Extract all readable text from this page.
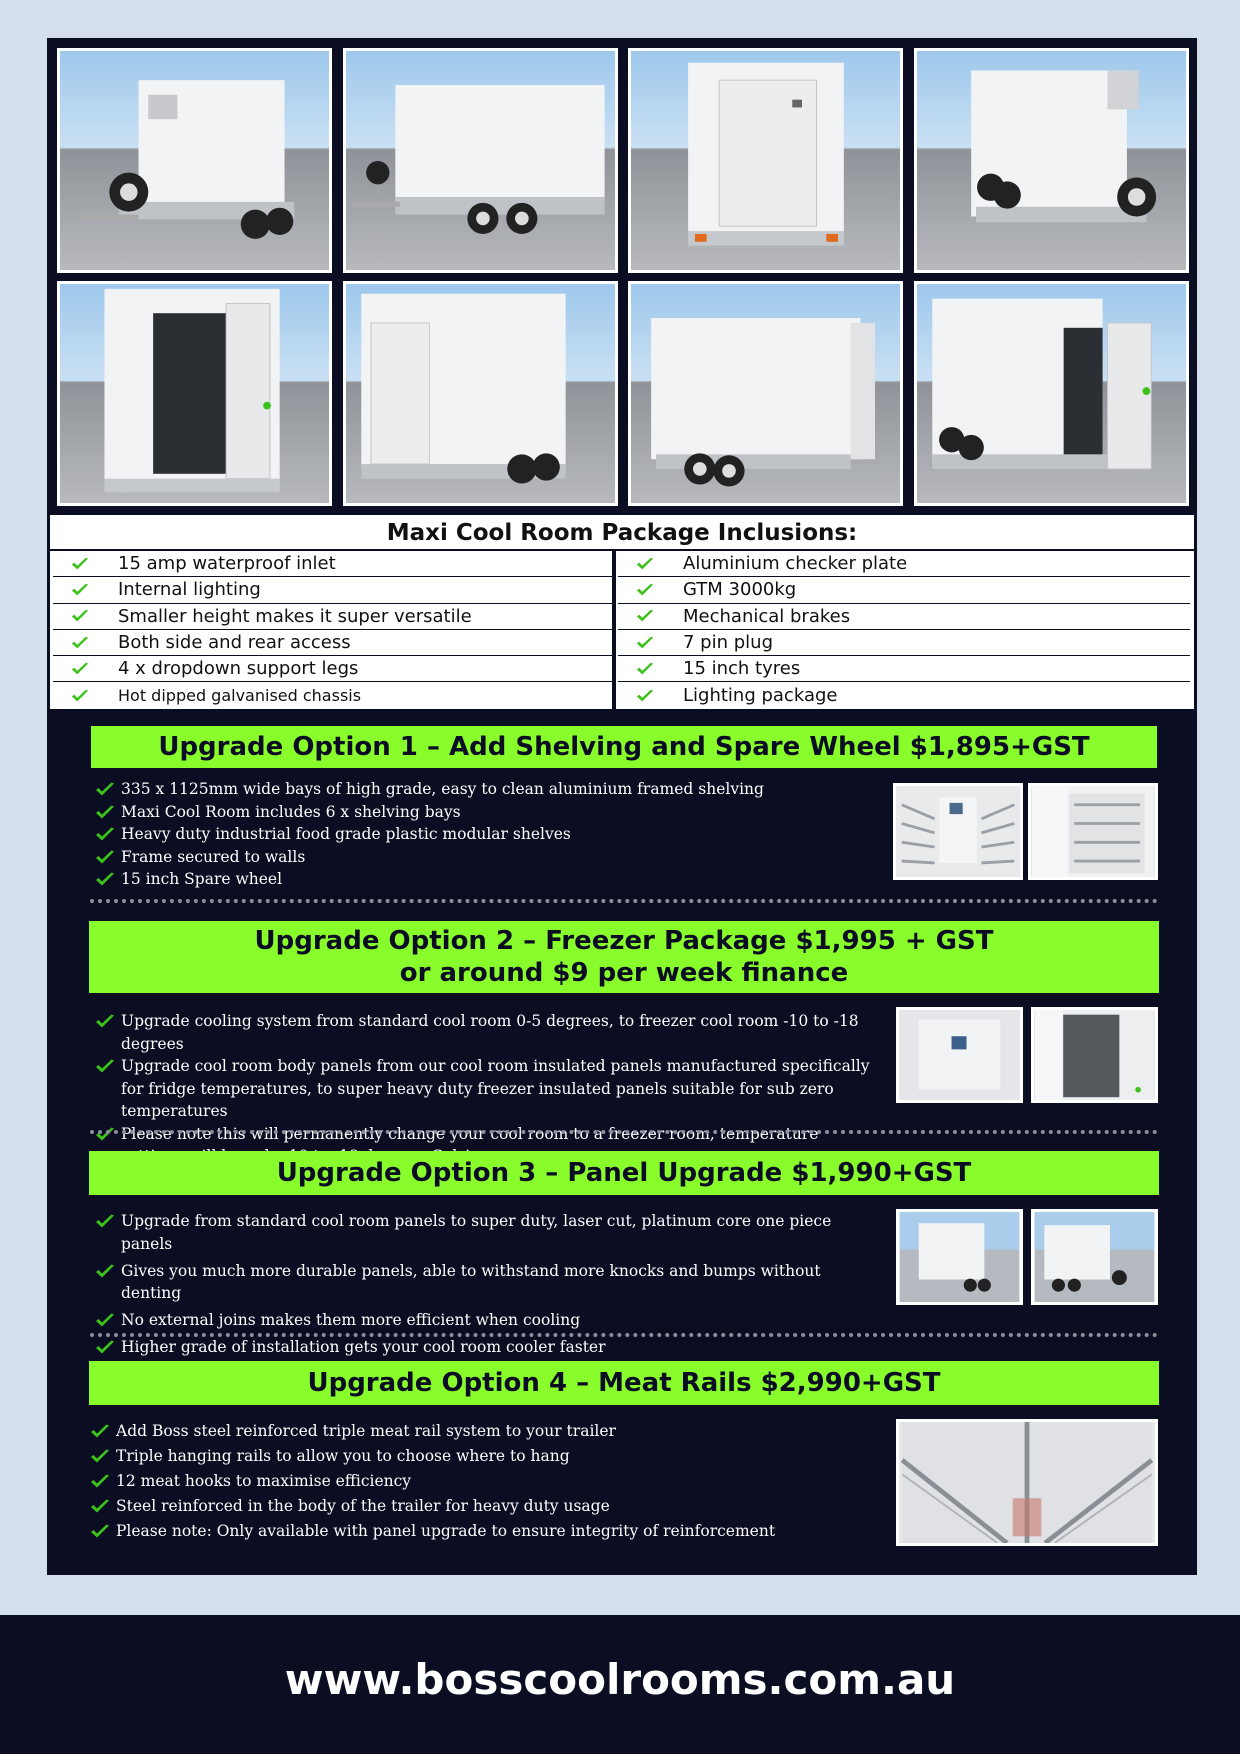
Maxi Cool Room Package Inclusions:
15 amp waterproof inlet
Internal lighting
Smaller height makes it super versatile
Both side and rear access
4 x dropdown support legs
Hot dipped galvanised chassis
Aluminium checker plate
GTM 3000kg
Mechanical brakes
7 pin plug
15 inch tyres
Lighting package
Upgrade Option 1 – Add Shelving and Spare Wheel $1,895+GST
335 x 1125mm wide bays of high grade, easy to clean aluminium framed shelving
Maxi Cool Room includes 6 x shelving bays
Heavy duty industrial food grade plastic modular shelves
Frame secured to walls
15 inch Spare wheel
Upgrade Option 2 – Freezer Package $1,995 + GST
or around $9 per week finance
Upgrade cooling system from standard cool room 0-5 degrees, to freezer cool room -10 to -18 degrees
Upgrade cool room body panels from our cool room insulated panels manufactured specifically for fridge temperatures, to super heavy duty freezer insulated panels suitable for sub zero temperatures
Please note this will permanently change your cool room to a freezer room, temperature
Upgrade Option 3 – Panel Upgrade $1,990+GST
Upgrade from standard cool room panels to super duty, laser cut, platinum core one piece panels
Gives you much more durable panels, able to withstand more knocks and bumps without denting
No external joins makes them more efficient when cooling
Higher grade of installation gets your cool room cooler faster
Upgrade Option 4 – Meat Rails $2,990+GST
Add Boss steel reinforced triple meat rail system to your trailer
Triple hanging rails to allow you to choose where to hang
12 meat hooks to maximise efficiency
Steel reinforced in the body of the trailer for heavy duty usage
Please note: Only available with panel upgrade to ensure integrity of reinforcement
www.bosscoolrooms.com.au
